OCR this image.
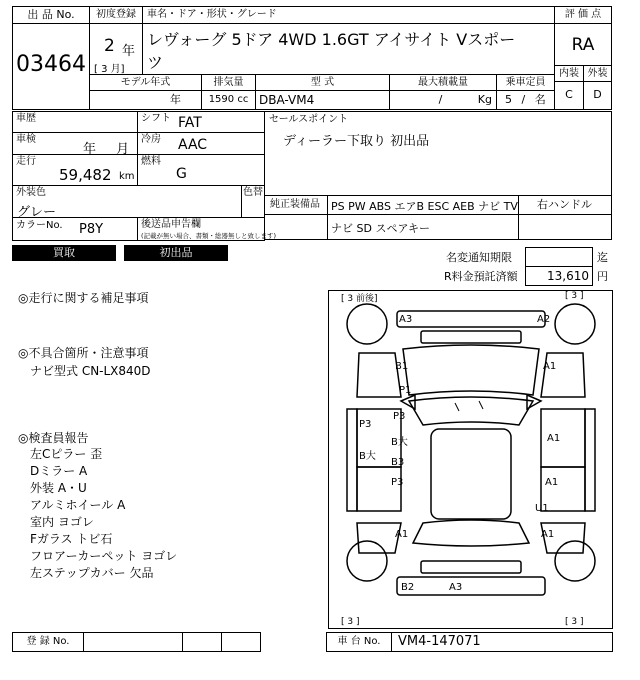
出 品 No.
03464
初度登録
2 年
[ 3 月]
車名・ドア・形状・グレード
レヴォーグ 5ドア 4WD 1.6GT アイサイト Vスポー
ツ
評 価 点
RA
内装 外装
C	D
モデル年式
年
排気量
1590 cc
型 式
DBA-VM4
最大積載量
/ Kg
乗車定員
5 / 名
車歴	シフト FAT
車検
年 月
冷房 AAC
走行
59,482 km
燃料
G
外装色
グレー
色替
カラーNo. P8Y	後送品申告欄
(記載が無い場合、書類・総器無しと致します)
セールスポイント
ディーラー下取り 初出品
純正装備品 PS PW ABS エアB ESC AEB ナビ TV	右ハンドル
ナビ SD スペアキー
買取	初出品	名変通知期限	迄
R料金預託済額	13,610 円
◎走行に関する補足事項
◎不具合箇所・注意事項
ナビ型式 CN-LX840D
◎検査員報告
左Cピラー 歪
Dミラー A
外装 A・U
アルミホイール A
室内 ヨゴレ
Fガラス トビ石
フロアーカーペット ヨゴレ
左ステップカバー 欠品
[ 3 前後]	[ 3 ]
[ 3 ]	[ 3 ]
A3	A2
B1
P1
A1
P3
P3
B大
B大
A1
B3
P3	A1
U1
A1	A1
B2	A3
登 録 No.	車 台 No.	VM4-147071
